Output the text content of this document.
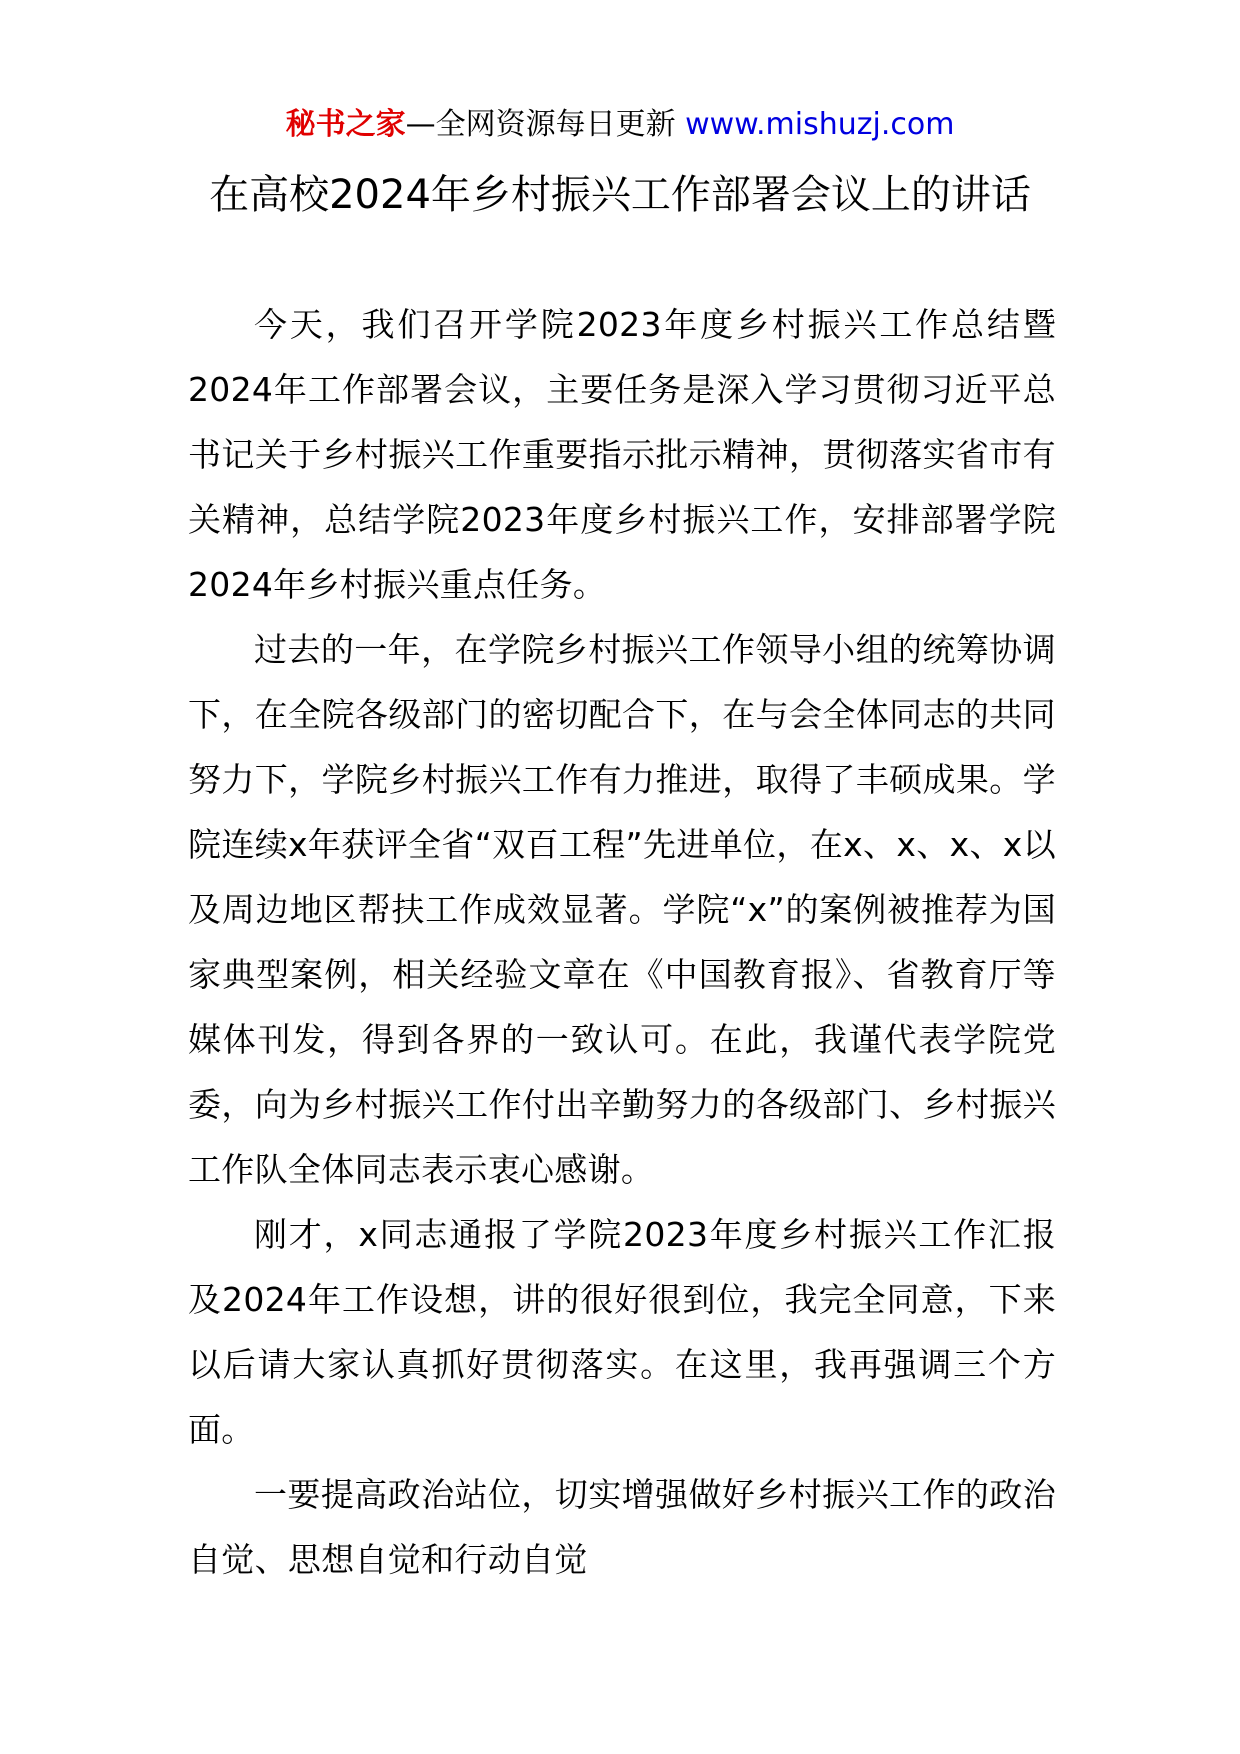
秘书之家—全网资源每日更新 www.mishuzj.com
在高校2024年乡村振兴工作部署会议上的讲话

今天，我们召开学院2023年度乡村振兴工作总结暨2024年工作部署会议，主要任务是深入学习贯彻习近平总书记关于乡村振兴工作重要指示批示精神，贯彻落实省市有关精神，总结学院2023年度乡村振兴工作，安排部署学院2024年乡村振兴重点任务。

过去的一年，在学院乡村振兴工作领导小组的统筹协调下，在全院各级部门的密切配合下，在与会全体同志的共同努力下，学院乡村振兴工作有力推进，取得了丰硕成果。学院连续x年获评全省“双百工程”先进单位，在x、x、x、x以及周边地区帮扶工作成效显著。学院“x”的案例被推荐为国家典型案例，相关经验文章在《中国教育报》、省教育厅等媒体刊发，得到各界的一致认可。在此，我谨代表学院党委，向为乡村振兴工作付出辛勤努力的各级部门、乡村振兴工作队全体同志表示衷心感谢。

刚才，x同志通报了学院2023年度乡村振兴工作汇报及2024年工作设想，讲的很好很到位，我完全同意，下来以后请大家认真抓好贯彻落实。在这里，我再强调三个方面。

一要提高政治站位，切实增强做好乡村振兴工作的政治自觉、思想自觉和行动自觉
